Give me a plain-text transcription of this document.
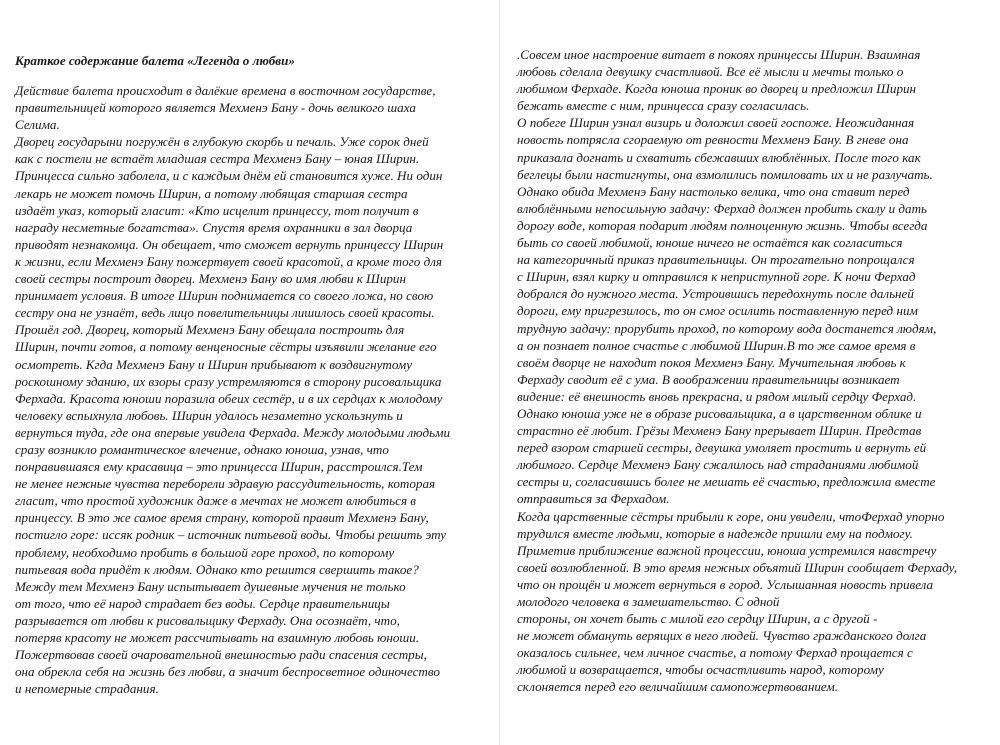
Краткое содержание балета «Легенда о любви»
Действие балета происходит в далёкие времена в восточном государстве,
правительницей которого является Мехменэ Бану - дочь великого шаха
Селима.
Дворец государыни погружён в глубокую скорбь и печаль. Уже сорок дней
как с постели не встаёт младшая сестра Мехменэ Бану – юная Ширин.
Принцесса сильно заболела, и с каждым днём ей становится хуже. Ни один
лекарь не может помочь Ширин, а потому любящая старшая сестра
издаёт указ, который гласит: «Кто исцелит принцессу, тот получит в
награду несметные богатства». Спустя время охранники в зал дворца
приводят незнакомца. Он обещает, что сможет вернуть принцессу Ширин
к жизни, если Мехменэ Бану пожертвует своей красотой, а кроме того для
своей сестры построит дворец. Мехменэ Бану во имя любви к Ширин
принимает условия. В итоге Ширин поднимается со своего ложа, но свою
сестру она не узнаёт, ведь лицо повелительницы лишилось своей красоты.
Прошёл год. Дворец, который Мехменэ Бану обещала построить для
Ширин, почти готов, а потому венценосные сёстры изъявили желание его
осмотреть. Кгда Мехменэ Бану и Ширин прибывают к воздвигнутому
роскошному зданию, их взоры сразу устремляются в сторону рисовальщика
Ферхада. Красота юноши поразила обеих сестёр, и в их сердцах к молодому
человеку вспыхнула любовь. Ширин удалось незаметно ускользнуть и
вернуться туда, где она впервые увидела Ферхада. Между молодыми людьми
сразу возникло романтическое влечение, однако юноша, узнав, что
понравившаяся ему красавица – это принцесса Ширин, расстроился.Тем
не менее нежные чувства переборели здравую рассудительность, которая
гласит, что простой художник даже в мечтах не может влюбиться в
принцессу. В это же самое время страну, которой правит Мехменэ Бану,
постигло горе: иссяк родник – источник питьевой воды. Чтобы решить эту
проблему, необходимо пробить в большой горе проход, по которому
питьевая вода придёт к людям. Однако кто решится свершить такое?
Между тем Мехменэ Бану испытывает душевные мучения не только
от того, что её народ страдает без воды. Сердце правительницы
разрывается от любви к рисовальщику Ферхаду. Она осознаёт, что,
потеряв красоту не может рассчитывать на взаимную любовь юноши.
Пожертвовав своей очаровательной внешностью ради спасения сестры,
она обрекла себя на жизнь без любви, а значит беспросветное одиночество
и непомерные страдания.
.Совсем иное настроение витает в покоях принцессы Ширин. Взаимная
любовь сделала девушку счастливой. Все её мысли и мечты только о
любимом Ферхаде. Когда юноша проник во дворец и предложил Ширин
бежать вместе с ним, принцесса сразу согласилась.
О побеге Ширин узнал визирь и доложил своей госпоже. Неожиданная
новость потрясла сгораемую от ревности Мехменэ Бану. В гневе она
приказала догнать и схватить сбежавших влюблённых. После того как
беглецы были настигнуты, она взмолились помиловать их и не разлучать.
Однако обида Мехменэ Бану настолько велика, что она ставит перед
влюблёнными непосильную задачу: Ферхад должен пробить скалу и дать
дорогу воде, которая подарит людям полноценную жизнь. Чтобы всегда
быть со своей любимой, юноше ничего не остаётся как согласиться
на категоричный приказ правительницы. Он трогательно попрощался
с Ширин, взял кирку и отправился к неприступной горе. К ночи Ферхад
добрался до нужного места. Устроившись передохнуть после дальней
дороги, ему пригрезилось, то он смог осилить поставленную перед ним
трудную задачу: прорубить проход, по которому вода достанется людям,
а он познает полное счастье с любимой Ширин.В то же самое время в
своём дворце не находит покоя Мехменэ Бану. Мучительная любовь к
Ферхаду сводит её с ума. В воображении правительницы возникает
видение: её внешность вновь прекрасна, и рядом милый сердцу Ферхад.
Однако юноша уже не в образе рисовальщика, а в царственном облике и
страстно её любит. Грёзы Мехменэ Бану прерывает Ширин. Представ
перед взором старшей сестры, девушка умоляет простить и вернуть ей
любимого. Сердце Мехменэ Бану сжалилось над страданиями любимой
сестры и, согласившись более не мешать её счастью, предложила вместе
отправиться за Ферхадом.
Когда царственные сёстры прибыли к горе, они увидели, чтоФерхад упорно
трудился вместе людьми, которые в надежде пришли ему на подмогу.
Приметив приближение важной процессии, юноша устремился навстречу
своей возлюбленной. В это время нежных объятий Ширин сообщает Ферхаду,
что он прощён и может вернуться в город. Услышанная новость привела
молодого человека в замешательство. С одной
стороны, он хочет быть с милой его сердцу Ширин, а с другой -
не может обмануть верящих в него людей. Чувство гражданского долга
оказалось сильнее, чем личное счастье, а потому Ферхад прощается с
любимой и возвращается, чтобы осчастливить народ, которому
склоняется перед его величайшим самопожертвованием.
